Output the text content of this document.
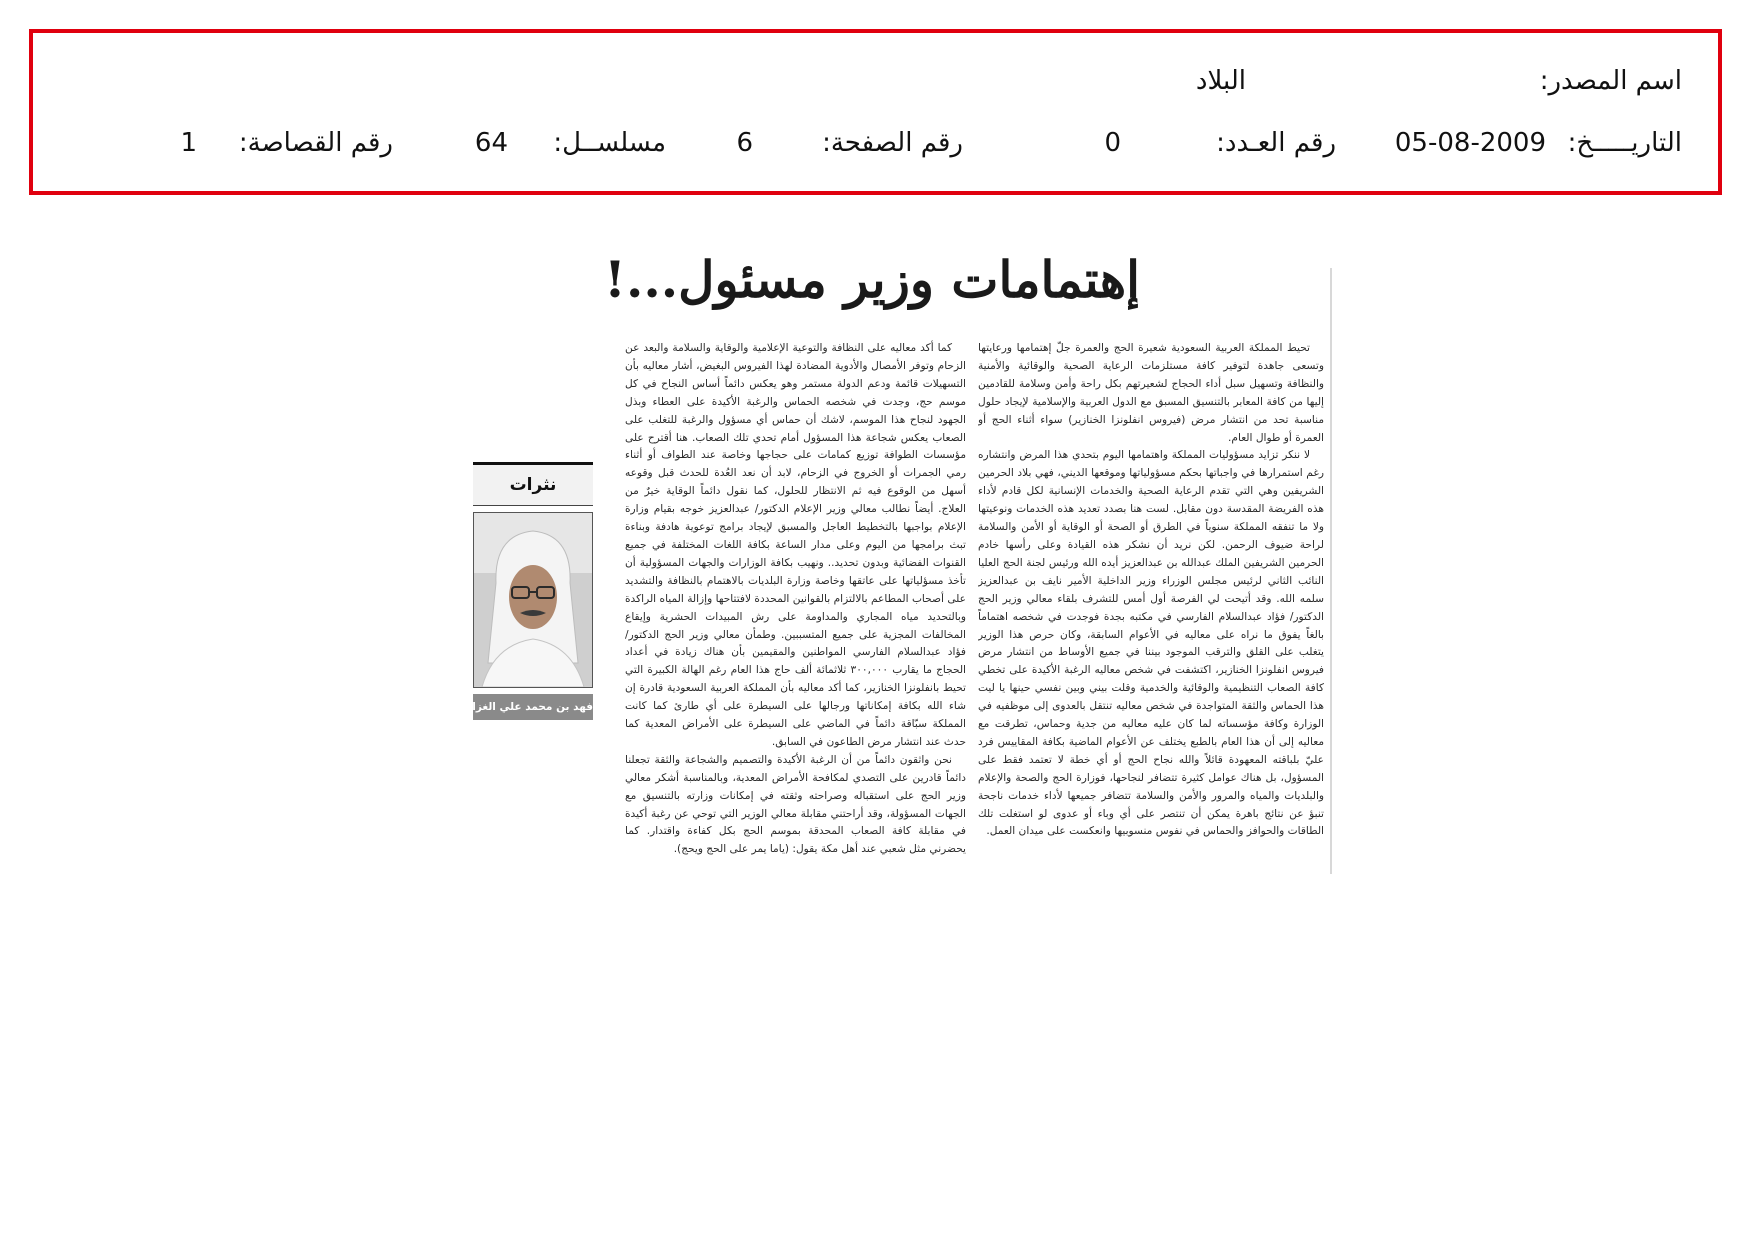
اسم المصدر:
البلاد
التاريـــــخ:
05-08-2009
رقم العـدد:
0
رقم الصفحة:
6
مسلســل:
64
رقم القصاصة:
1
إهتمامات وزير مسئول...!

تحيط المملكة العربية السعودية شعيرة الحج والعمرة جلّ إهتمامها ورعايتها وتسعى جاهدة لتوفير كافة مستلزمات الرعاية الصحية والوقائية والأمنية والنظافة وتسهيل سبل أداء الحجاج لشعيرتهم بكل راحة وأمن وسلامة للقادمين إليها من كافة المعابر بالتنسيق المسبق مع الدول العربية والإسلامية لإيجاد حلول مناسبة تحد من انتشار مرض (فيروس انفلونزا الخنازير) سواء أثناء الحج أو العمرة أو طوال العام.

لا ننكر تزايد مسؤوليات المملكة واهتمامها اليوم بتحدي هذا المرض وانتشاره رغم استمرارها في واجباتها بحكم مسؤولياتها وموقعها الديني، فهي بلاد الحرمين الشريفين وهي التي تقدم الرعاية الصحية والخدمات الإنسانية لكل قادم لأداء هذه الفريضة المقدسة دون مقابل. لست هنا بصدد تعديد هذه الخدمات ونوعيتها ولا ما تنفقه المملكة سنوياً في الطرق أو الصحة أو الوقاية أو الأمن والسلامة لراحة ضيوف الرحمن. لكن نريد أن نشكر هذه القيادة وعلى رأسها خادم الحرمين الشريفين الملك عبدالله بن عبدالعزيز أيده الله ورئيس لجنة الحج العليا النائب الثاني لرئيس مجلس الوزراء وزير الداخلية الأمير نايف بن عبدالعزيز سلمه الله. وقد أتيحت لي الفرصة أول أمس للتشرف بلقاء معالي وزير الحج الدكتور/ فؤاد عبدالسلام الفارسي في مكتبه بجدة فوجدت في شخصه اهتماماً بالغاً يفوق ما نراه على معاليه في الأعوام السابقة، وكان حرص هذا الوزير يتغلب على القلق والترقب الموجود بيننا في جميع الأوساط من انتشار مرض فيروس انفلونزا الخنازير، اكتشفت في شخص معاليه الرغبة الأكيدة على تخطي كافة الصعاب التنظيمية والوقائية والخدمية وقلت بيني وبين نفسي حينها يا ليت هذا الحماس والثقة المتواجدة في شخص معاليه تنتقل بالعدوى إلى موظفيه في الوزارة وكافة مؤسساته لما كان عليه معاليه من جدية وحماس، تطرقت مع معاليه إلى أن هذا العام بالطبع يختلف عن الأعوام الماضية بكافة المقاييس فرد عليّ بلباقته المعهودة قائلاً والله نجاح الحج أو أي خطة لا تعتمد فقط على المسؤول، بل هناك عوامل كثيرة تتضافر لنجاحها، فوزارة الحج والصحة والإعلام والبلديات والمياه والمرور والأمن والسلامة تتضافر جميعها لأداء خدمات ناجحة تنبؤ عن نتائج باهرة يمكن أن تنتصر على أي وباء أو عدوى لو استغلت تلك الطاقات والحوافز والحماس في نفوس منسوبيها وانعكست على ميدان العمل.

كما أكد معاليه على النظافة والتوعية الإعلامية والوقاية والسلامة والبعد عن الزحام وتوفر الأمصال والأدوية المضادة لهذا الفيروس البغيض، أشار معاليه بأن التسهيلات قائمة ودعم الدولة مستمر وهو يعكس دائماً أساس النجاح في كل موسم حج، وجدت في شخصه الحماس والرغبة الأكيدة على العطاء وبذل الجهود لنجاح هذا الموسم، لاشك أن حماس أي مسؤول والرغبة للتغلب على الصعاب يعكس شجاعة هذا المسؤول أمام تحدي تلك الصعاب. هنا أقترح على مؤسسات الطوافة توزيع كمامات على حجاجها وخاصة عند الطواف أو أثناء رمي الجمرات أو الخروج في الزحام، لابد أن نعد العُدة للحدث قبل وقوعه أسهل من الوقوع فيه ثم الانتظار للحلول، كما نقول دائماً الوقاية خيرٌ من العلاج. أيضاً نطالب معالي وزير الإعلام الدكتور/ عبدالعزيز خوجه بقيام وزارة الإعلام بواجبها بالتخطيط العاجل والمسبق لإيجاد برامج توعوية هادفة وبناءة تبث برامجها من اليوم وعلى مدار الساعة بكافة اللغات المختلفة في جميع القنوات الفضائية وبدون تحديد.. ونهيب بكافة الوزارات والجهات المسؤولية أن تأخذ مسؤلياتها على عاتقها وخاصة وزارة البلديات بالاهتمام بالنظافة والتشديد على أصحاب المطاعم بالالتزام بالقوانين المحددة لافتتاحها وإزالة المياه الراكدة وبالتحديد مياه المجاري والمداومة على رش المبيدات الحشرية وإيقاع المخالفات المجزية على جميع المتسببين. وطمأن معالي وزير الحج الدكتور/ فؤاد عبدالسلام الفارسي المواطنين والمقيمين بأن هناك زيادة في أعداد الحجاج ما يقارب ٣٠٠,٠٠٠ ثلاثمائة ألف حاج هذا العام رغم الهالة الكبيرة التي تحيط بانفلونزا الخنازير، كما أكد معاليه بأن المملكة العربية السعودية قادرة إن شاء الله بكافة إمكاناتها ورجالها على السيطرة على أي طارئ كما كانت المملكة سبّاقة دائماً في الماضي على السيطرة على الأمراض المعدية كما حدث عند انتشار مرض الطاعون في السابق.

نحن واثقون دائماً من أن الرغبة الأكيدة والتصميم والشجاعة والثقة تجعلنا دائماً قادرين على التصدي لمكافحة الأمراض المعدية، وبالمناسبة أشكر معالي وزير الحج على استقباله وصراحته وثقته في إمكانات وزارته بالتنسيق مع الجهات المسؤولة، وقد أراحتني مقابلة معالي الوزير التي توحي عن رغبة أكيدة في مقابلة كافة الصعاب المحدقة بموسم الحج بكل كفاءة واقتدار. كما يحضرني مثل شعبي عند أهل مكة يقول: (ياما يمر على الحج ويحج).

نثرات
فهد بن محمد علي الغزاوي
